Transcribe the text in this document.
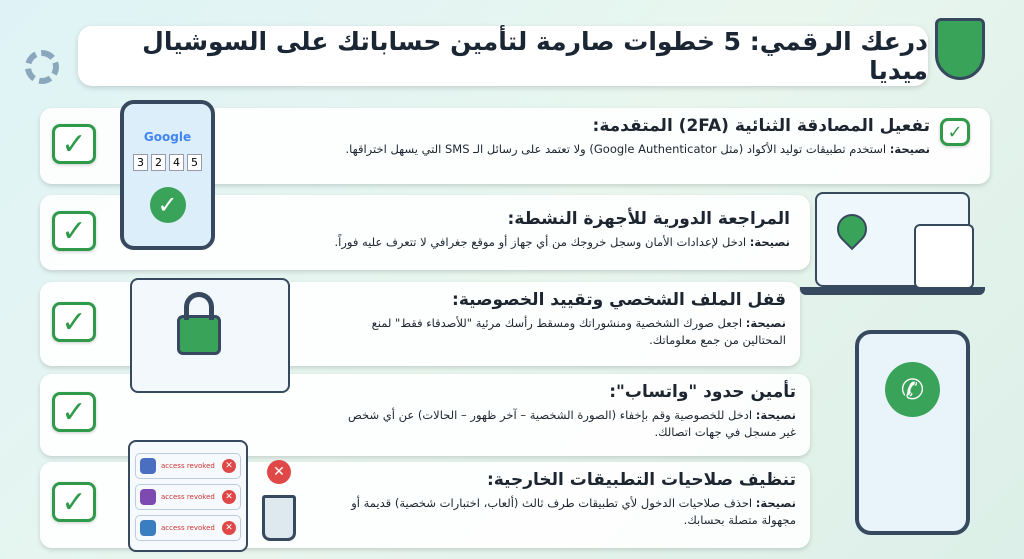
درعك الرقمي: 5 خطوات صارمة لتأمين حساباتك على السوشيال ميديا
تفعيل المصادقة الثنائية (2FA) المتقدمة:

نصيحة: استخدم تطبيقات توليد الأكواد (مثل Google Authenticator) ولا تعتمد على رسائل الـ SMS التي يسهل اختراقها.

✓
المراجعة الدورية للأجهزة النشطة:

نصيحة: ادخل لإعدادات الأمان وسجل خروجك من أي جهاز أو موقع جغرافي لا تتعرف عليه فوراً.

قفل الملف الشخصي وتقييد الخصوصية:

نصيحة: اجعل صورك الشخصية ومنشوراتك ومسقط رأسك مرئية "للأصدقاء فقط" لمنع المحتالين من جمع معلوماتك.

تأمين حدود "واتساب":

نصيحة: ادخل للخصوصية وقم بإخفاء (الصورة الشخصية – آخر ظهور – الحالات) عن أي شخص غير مسجل في جهات اتصالك.

تنظيف صلاحيات التطبيقات الخارجية:

نصيحة: احذف صلاحيات الدخول لأي تطبيقات طرف ثالث (ألعاب، اختبارات شخصية) قديمة أو مجهولة متصلة بحسابك.

✓
✓
✓
✓
✓
Google
3	2	4	5
✓
✆
access revoked	✕
access revoked	✕
access revoked	✕
✕
